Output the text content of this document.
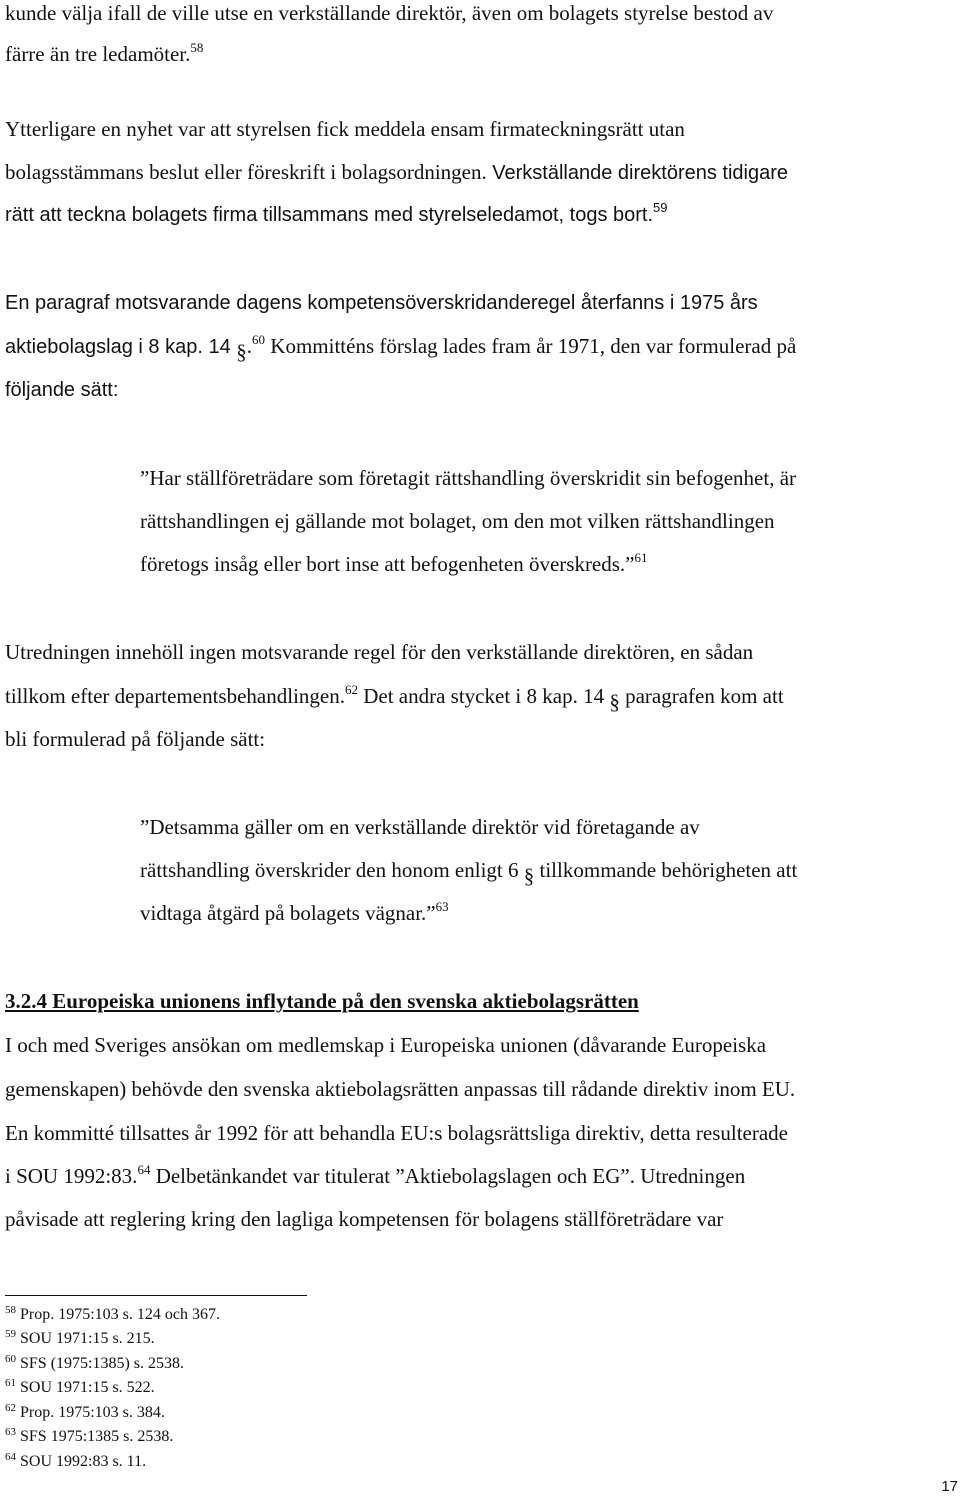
kunde välja ifall de ville utse en verkställande direktör, även om bolagets styrelse bestod av

färre än tre ledamöter.$^{58}$

Ytterligare en nyhet var att styrelsen fick meddela ensam firmateckningsrätt utan

bolagsstämmans beslut eller föreskrift i bolagsordningen. Verkställande direktörens tidigare

rätt att teckna bolagets firma tillsammans med styrelseledamot, togs bort.$^{59}$

En paragraf motsvarande dagens kompetensöverskridanderegel återfanns i 1975 års

aktiebolagslag i 8 kap. 14 §.$^{60}$ Kommitténs förslag lades fram år 1971, den var formulerad på

följande sätt:

”Har ställföreträdare som företagit rättshandling överskridit sin befogenhet, är

rättshandlingen ej gällande mot bolaget, om den mot vilken rättshandlingen

företogs insåg eller bort inse att befogenheten överskreds.”$^{61}$

Utredningen innehöll ingen motsvarande regel för den verkställande direktören, en sådan

tillkom efter departementsbehandlingen.$^{62}$ Det andra stycket i 8 kap. 14 § paragrafen kom att

bli formulerad på följande sätt:

”Detsamma gäller om en verkställande direktör vid företagande av

rättshandling överskrider den honom enligt 6 § tillkommande behörigheten att

vidtaga åtgärd på bolagets vägnar.”$^{63}$

3.2.4 Europeiska unionens inflytande på den svenska aktiebolagsrätten

I och med Sveriges ansökan om medlemskap i Europeiska unionen (dåvarande Europeiska

gemenskapen) behövde den svenska aktiebolagsrätten anpassas till rådande direktiv inom EU.

En kommitté tillsattes år 1992 för att behandla EU:s bolagsrättsliga direktiv, detta resulterade

i SOU 1992:83.64 Delbetänkandet var titulerat ”Aktiebolagslagen och EG”. Utredningen

påvisade att reglering kring den lagliga kompetensen för bolagens ställföreträdare var

$^{58}$ Prop. 1975:103 s. 124 och 367.

$^{59}$ SOU 1971:15 s. 215.

$^{60}$ SFS (1975:1385) s. 2538.

$^{61}$ SOU 1971:15 s. 522.

$^{62}$ Prop. 1975:103 s. 384.

$^{63}$ SFS 1975:1385 s. 2538.

$^{64}$ SOU 1992:83 s. 11.

17
